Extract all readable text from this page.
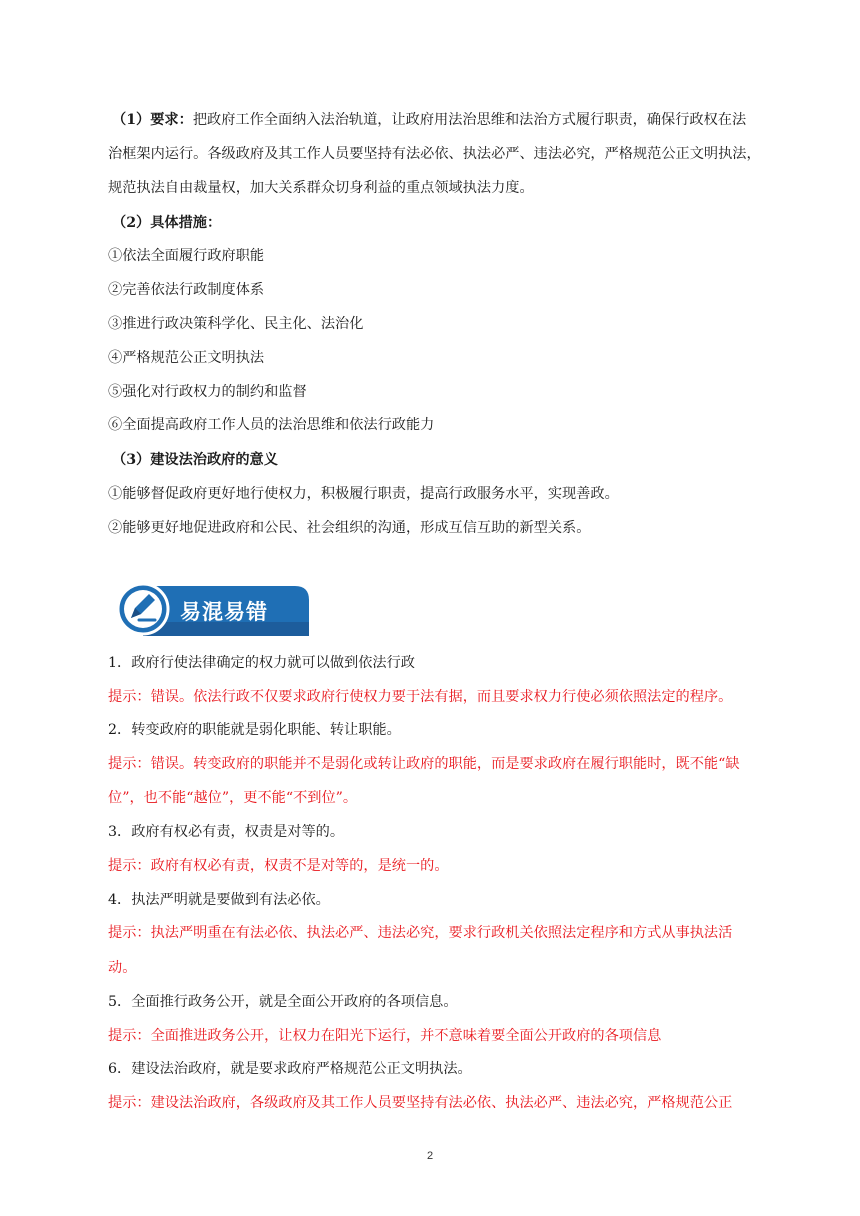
（1）要求：把政府工作全面纳入法治轨道，让政府用法治思维和法治方式履行职责，确保行政权在法
治框架内运行。各级政府及其工作人员要坚持有法必依、执法必严、违法必究，严格规范公正文明执法，
规范执法自由裁量权，加大关系群众切身利益的重点领域执法力度。
（2）具体措施：
①依法全面履行政府职能
②完善依法行政制度体系
③推进行政决策科学化、民主化、法治化
④严格规范公正文明执法
⑤强化对行政权力的制约和监督
⑥全面提高政府工作人员的法治思维和依法行政能力
（3）建设法治政府的意义
①能够督促政府更好地行使权力，积极履行职责，提高行政服务水平，实现善政。
②能够更好地促进政府和公民、社会组织的沟通，形成互信互助的新型关系。
易混易错
1．政府行使法律确定的权力就可以做到依法行政
提示：错误。依法行政不仅要求政府行使权力要于法有据，而且要求权力行使必须依照法定的程序。
2．转变政府的职能就是弱化职能、转让职能。
提示：错误。转变政府的职能并不是弱化或转让政府的职能，而是要求政府在履行职能时，既不能“缺
位”，也不能“越位”，更不能“不到位”。
3．政府有权必有责，权责是对等的。
提示：政府有权必有责，权责不是对等的，是统一的。
4．执法严明就是要做到有法必依。
提示：执法严明重在有法必依、执法必严、违法必究，要求行政机关依照法定程序和方式从事执法活
动。
5．全面推行政务公开，就是全面公开政府的各项信息。
提示：全面推进政务公开，让权力在阳光下运行，并不意味着要全面公开政府的各项信息
6．建设法治政府，就是要求政府严格规范公正文明执法。
提示：建设法治政府，各级政府及其工作人员要坚持有法必依、执法必严、违法必究，严格规范公正
2
